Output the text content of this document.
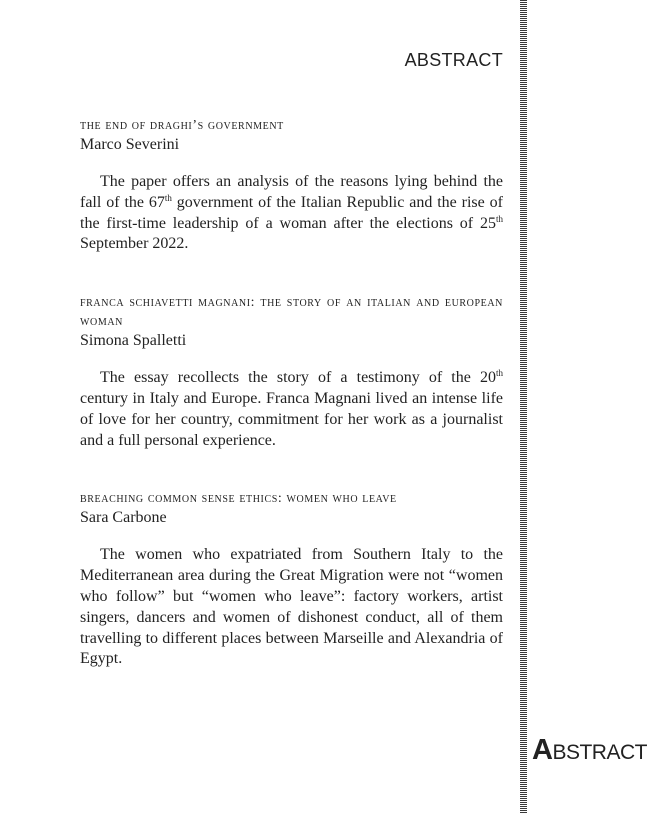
ABSTRACT
ABSTRACT
the end of draghi’s government
Marco Severini

The paper offers an analysis of the reasons lying behind the fall of the 67th government of the Italian Republic and the rise of the first-time leadership of a woman after the elections of 25th September 2022.

franca schiavetti magnani: the story of an italian and european woman
Simona Spalletti

The essay recollects the story of a testimony of the 20th century in Italy and Europe. Franca Magnani lived an intense life of love for her country, commitment for her work as a journalist and a full personal experience.

breaching common sense ethics: women who leave
Sara Carbone

The women who expatriated from Southern Italy to the Mediterranean area during the Great Migration were not “women who follow” but “women who leave”: factory workers, artist singers, dancers and women of dishonest conduct, all of them travelling to different places between Marseille and Alexandria of Egypt.
